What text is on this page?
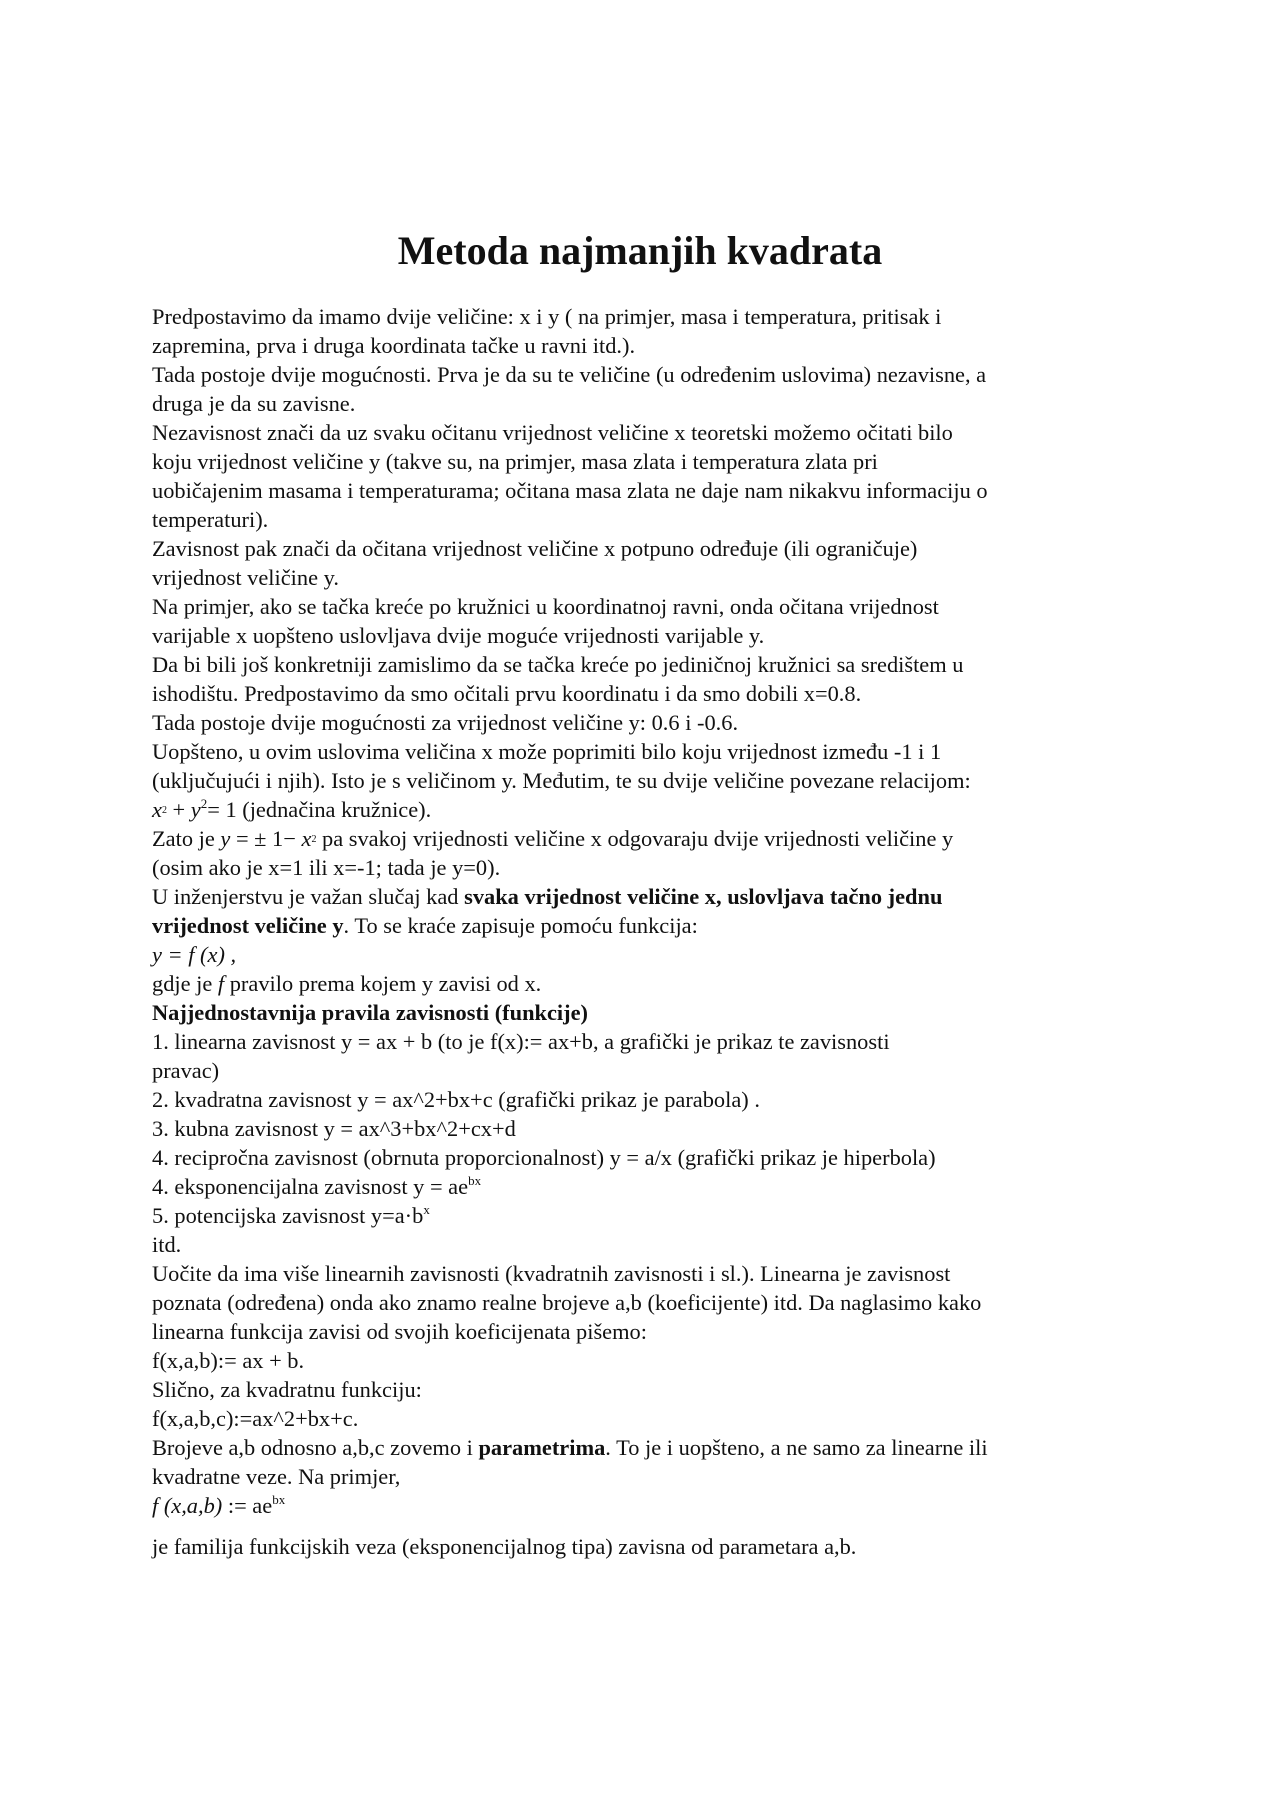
Metoda najmanjih kvadrata

Predpostavimo da imamo dvije veličine: x i y ( na primjer, masa i temperatura, pritisak i

zapremina, prva i druga koordinata tačke u ravni itd.).

Tada postoje dvije mogućnosti. Prva je da su te veličine (u određenim uslovima) nezavisne, a

druga je da su zavisne.

Nezavisnost znači da uz svaku očitanu vrijednost veličine x teoretski možemo očitati bilo

koju vrijednost veličine y (takve su, na primjer, masa zlata i temperatura zlata pri

uobičajenim masama i temperaturama; očitana masa zlata ne daje nam nikakvu informaciju o

temperaturi).

Zavisnost pak znači da očitana vrijednost veličine x potpuno određuje (ili ograničuje)

vrijednost veličine y.

Na primjer, ako se tačka kreće po kružnici u koordinatnoj ravni, onda očitana vrijednost

varijable x uopšteno uslovljava dvije moguće vrijednosti varijable y.

Da bi bili još konkretniji zamislimo da se tačka kreće po jediničnoj kružnici sa središtem u

ishodištu. Predpostavimo da smo očitali prvu koordinatu i da smo dobili x=0.8.

Tada postoje dvije mogućnosti za vrijednost veličine y: 0.6 i -0.6.

Uopšteno, u ovim uslovima veličina x može poprimiti bilo koju vrijednost između -1 i 1

(uključujući i njih). Isto je s veličinom y. Međutim, te su dvije veličine povezane relacijom:

$x2 + y^2= 1$ (jednačina kružnice).

Zato je y = ± 1− x2 pa svakoj vrijednosti veličine x odgovaraju dvije vrijednosti veličine y

(osim ako je x=1 ili x=-1; tada je y=0).

U inženjerstvu je važan slučaj kad svaka vrijednost veličine x, uslovljava tačno jednu

vrijednost veličine y. To se kraće zapisuje pomoću funkcija:

y = f (x) ,

gdje je f pravilo prema kojem y zavisi od x.

Najjednostavnija pravila zavisnosti (funkcije)

1. linearna zavisnost y = ax + b (to je f(x):= ax+b, a grafički je prikaz te zavisnosti

pravac)

2. kvadratna zavisnost y = ax^2+bx+c (grafički prikaz je parabola) .

3. kubna zavisnost y = ax^3+bx^2+cx+d

4. recipročna zavisnost (obrnuta proporcionalnost) y = a/x (grafički prikaz je hiperbola)

4. eksponencijalna zavisnost $y = ae^{bx}$

5. potencijska zavisnost $y=a\cdot b^x$

itd.

Uočite da ima više linearnih zavisnosti (kvadratnih zavisnosti i sl.). Linearna je zavisnost

poznata (određena) onda ako znamo realne brojeve a,b (koeficijente) itd. Da naglasimo kako

linearna funkcija zavisi od svojih koeficijenata pišemo:

f(x,a,b):= ax + b.

Slično, za kvadratnu funkciju:

f(x,a,b,c):=ax^2+bx+c.

Brojeve a,b odnosno a,b,c zovemo i parametrima. To je i uopšteno, a ne samo za linearne ili

kvadratne veze. Na primjer,

f (x,a,b) := $ae^{bx}$

je familija funkcijskih veza (eksponencijalnog tipa) zavisna od parametara a,b.
